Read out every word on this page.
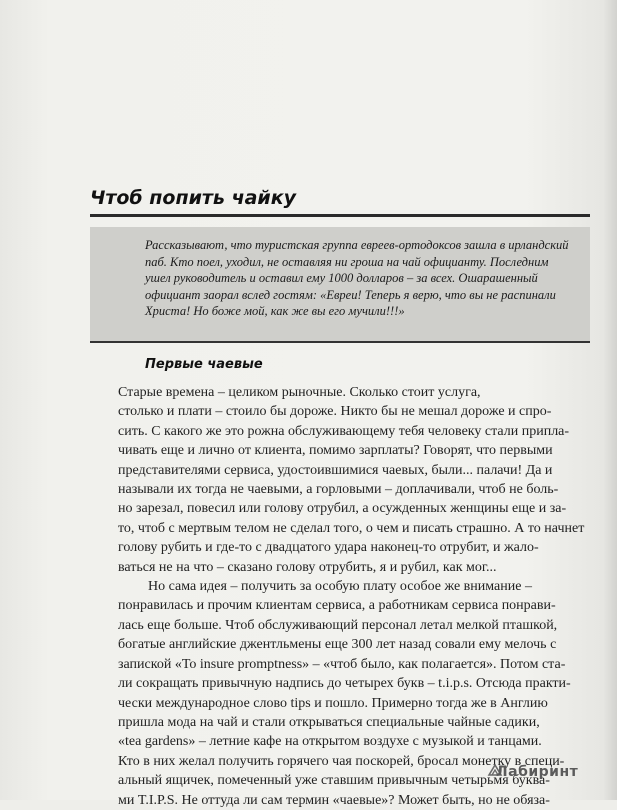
Чтоб попить чайку

Рассказывают, что туристская группа евреев-ортодоксов зашла в ирландский паб. Кто поел, уходил, не оставляя ни гроша на чай официанту. Последним ушел руководитель и оставил ему 1000 долларов – за всех. Ошарашенный официант заорал вслед гостям: «Евреи! Теперь я верю, что вы не распинали Христа! Но боже мой, как же вы его мучили!!!»

Первые чаевые
Старые времена – целиком рыночные. Сколько стоит услуга,
столько и плати – стоило бы дороже. Никто бы не мешал дороже и спро-
сить. С какого же это рожна обслуживающему тебя человеку стали припла-
чивать еще и лично от клиента, помимо зарплаты? Говорят, что первыми
представителями сервиса, удостоившимися чаевых, были... палачи! Да и
называли их тогда не чаевыми, а горловыми – доплачивали, чтоб не боль-
но зарезал, повесил или голову отрубил, а осужденных женщины еще и за-
то, чтоб с мертвым телом не сделал того, о чем и писать страшно. А то начнет
голову рубить и где-то с двадцатого удара наконец-то отрубит, и жало-
ваться не на что – сказано голову отрубить, я и рубил, как мог...
Но сама идея – получить за особую плату особое же внимание –
понравилась и прочим клиентам сервиса, а работникам сервиса понрави-
лась еще больше. Чтоб обслуживающий персонал летал мелкой пташкой,
богатые английские джентльмены еще 300 лет назад совали ему мелочь с
запиской «To insure promptness» – «чтоб было, как полагается». Потом ста-
ли сокращать привычную надпись до четырех букв – t.i.p.s. Отсюда практи-
чески международное слово tips и пошло. Примерно тогда же в Англию
пришла мода на чай и стали открываться специальные чайные садики,
«tea gardens» – летние кафе на открытом воздухе с музыкой и танцами.
Кто в них желал получить горячего чая поскорей, бросал монетку в специ-
альный ящичек, помеченный уже ставшим привычным четырьмя буква-
ми T.I.P.S. Не оттуда ли сам термин «чаевые»? Может быть, но не обяза-
Лабиринт
